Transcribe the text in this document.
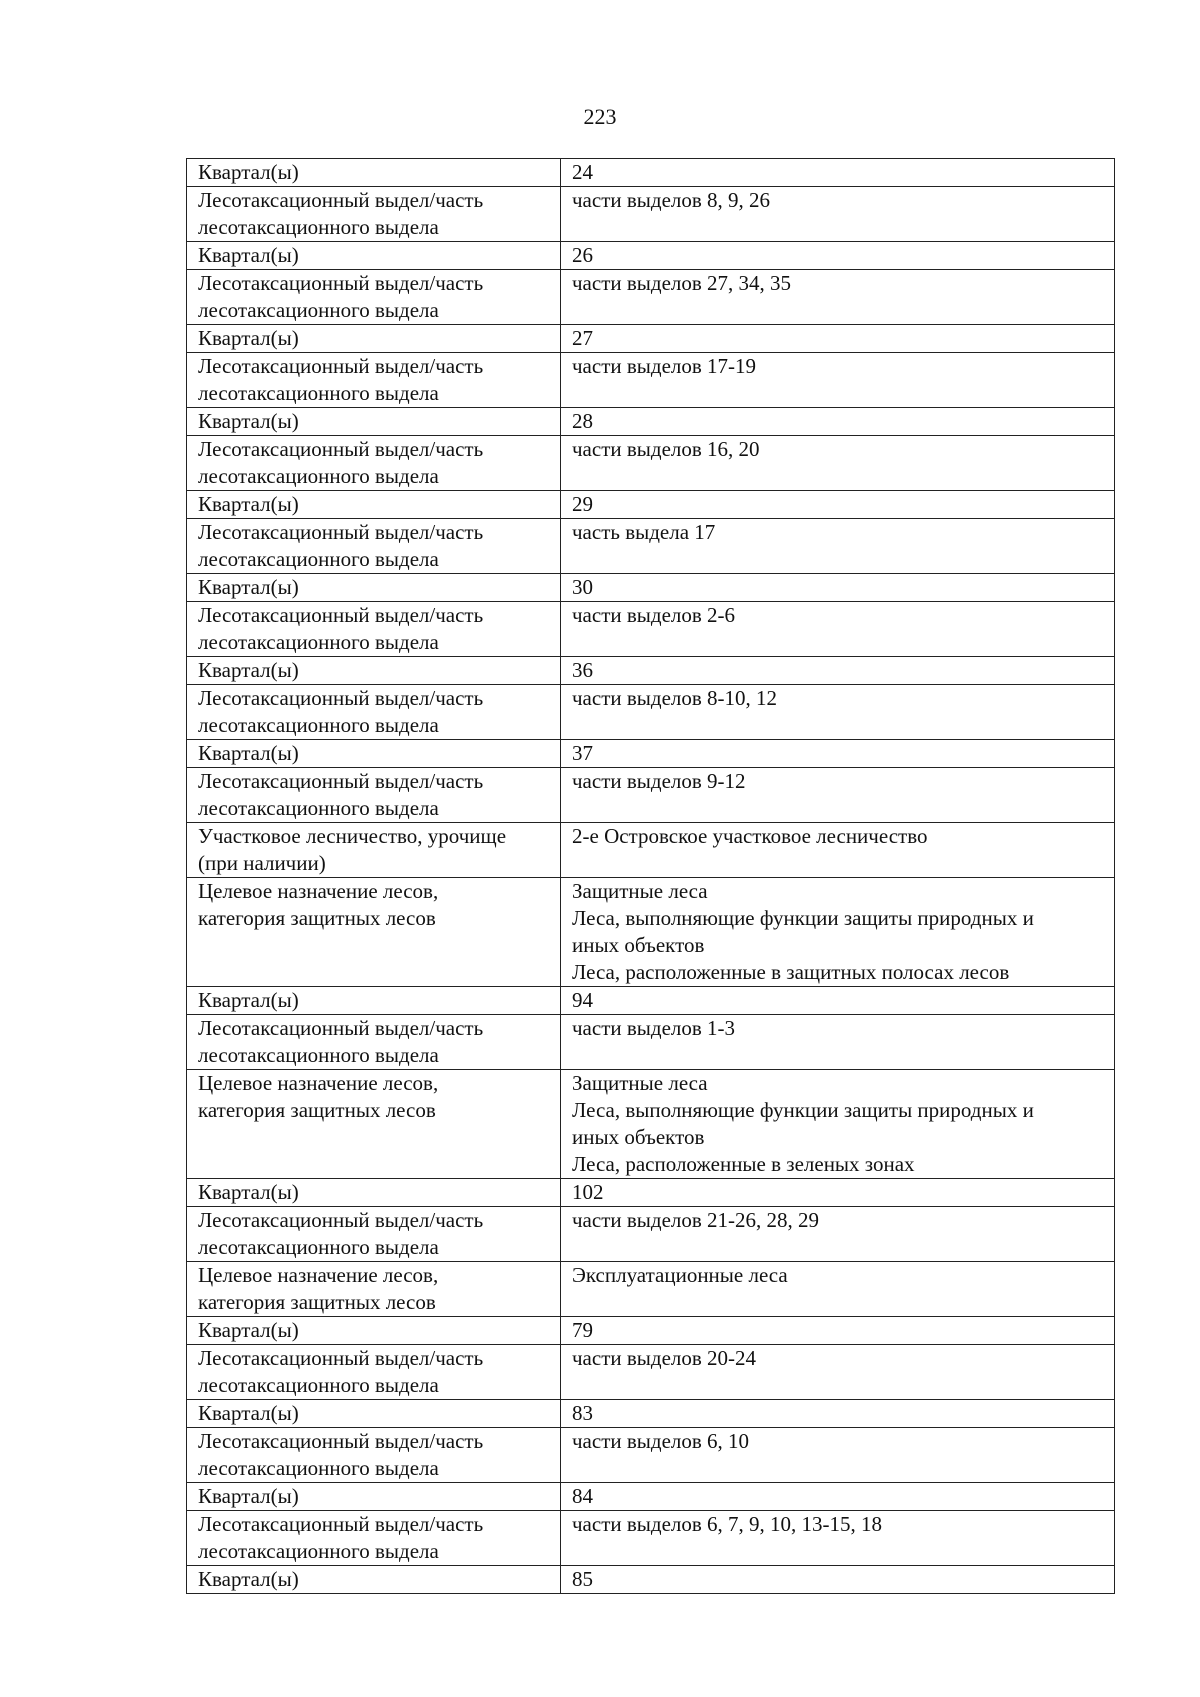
223
Квартал(ы)	24

Лесотаксационный выдел/часть
лесотаксационного выдела	части выделов 8, 9, 26

Квартал(ы)	26

Лесотаксационный выдел/часть
лесотаксационного выдела	части выделов 27, 34, 35

Квартал(ы)	27

Лесотаксационный выдел/часть
лесотаксационного выдела	части выделов 17-19

Квартал(ы)	28

Лесотаксационный выдел/часть
лесотаксационного выдела	части выделов 16, 20

Квартал(ы)	29

Лесотаксационный выдел/часть
лесотаксационного выдела	часть выдела 17

Квартал(ы)	30

Лесотаксационный выдел/часть
лесотаксационного выдела	части выделов 2-6

Квартал(ы)	36

Лесотаксационный выдел/часть
лесотаксационного выдела	части выделов 8-10, 12

Квартал(ы)	37

Лесотаксационный выдел/часть
лесотаксационного выдела	части выделов 9-12

Участковое лесничество, урочище
(при наличии)	2-е Островское участковое лесничество

Целевое назначение лесов,
категория защитных лесов	Защитные леса
Леса, выполняющие функции защиты природных и
иных объектов
Леса, расположенные в защитных полосах лесов

Квартал(ы)	94

Лесотаксационный выдел/часть
лесотаксационного выдела	части выделов 1-3

Целевое назначение лесов,
категория защитных лесов	Защитные леса
Леса, выполняющие функции защиты природных и
иных объектов
Леса, расположенные в зеленых зонах

Квартал(ы)	102

Лесотаксационный выдел/часть
лесотаксационного выдела	части выделов 21-26, 28, 29

Целевое назначение лесов,
категория защитных лесов	Эксплуатационные леса

Квартал(ы)	79

Лесотаксационный выдел/часть
лесотаксационного выдела	части выделов 20-24

Квартал(ы)	83

Лесотаксационный выдел/часть
лесотаксационного выдела	части выделов 6, 10

Квартал(ы)	84

Лесотаксационный выдел/часть
лесотаксационного выдела	части выделов 6, 7, 9, 10, 13-15, 18

Квартал(ы)	85
